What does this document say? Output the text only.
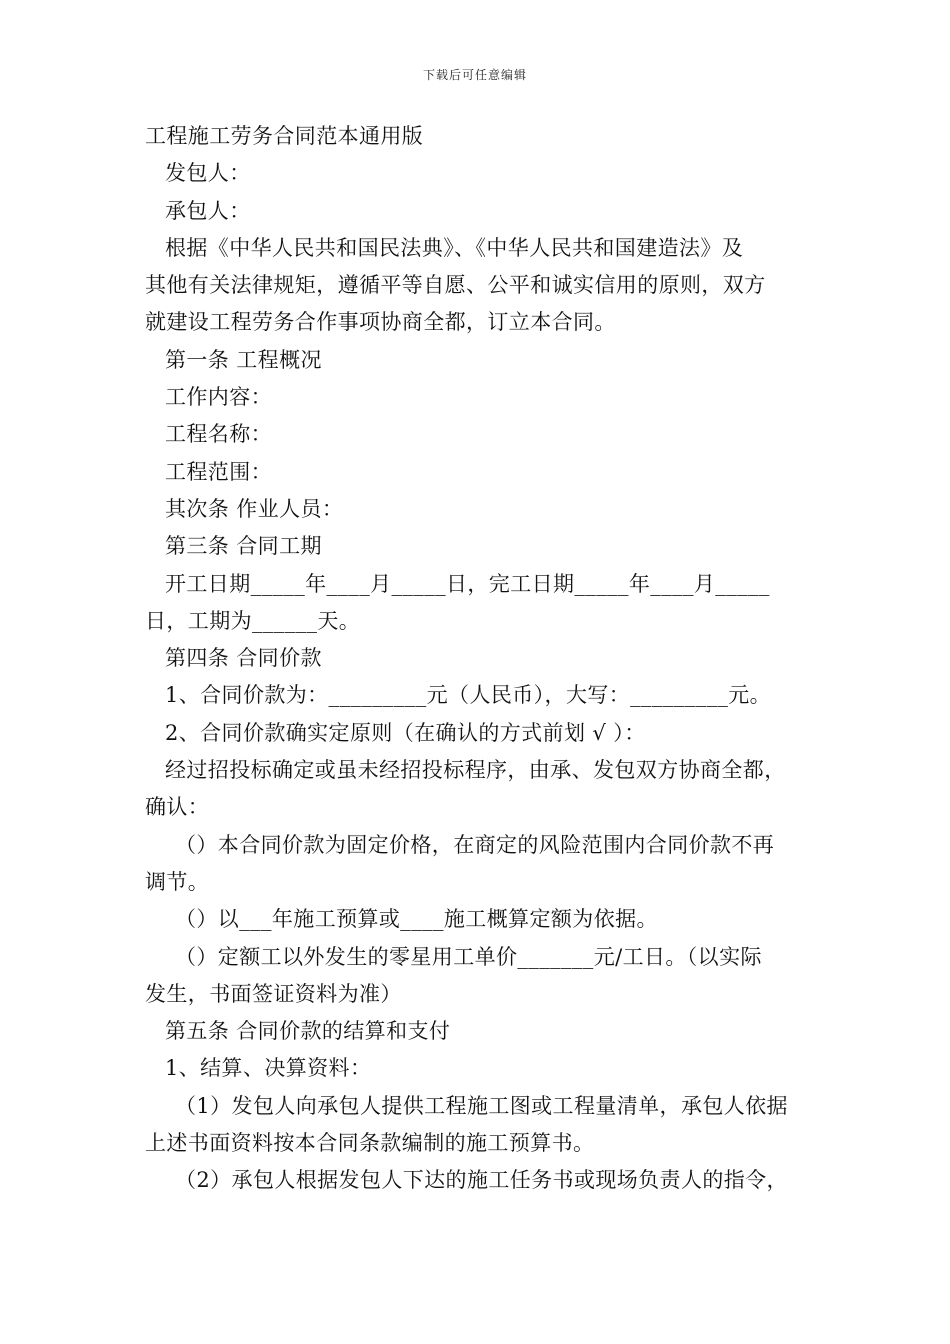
下载后可任意编辑
工程施工劳务合同范本通用版
发包人：
承包人：
根据《中华人民共和国民法典》、《中华人民共和国建造法》及
其他有关法律规矩，遵循平等自愿、公平和诚实信用的原则，双方
就建设工程劳务合作事项协商全都，订立本合同。
第一条 工程概况
工作内容：
工程名称：
工程范围：
其次条 作业人员：
第三条 合同工期
开工日期_____年____月_____日，完工日期_____年____月_____
日，工期为______天。
第四条 合同价款
1、合同价款为：_________元（人民币），大写：_________元。
2、合同价款确实定原则（在确认的方式前划 √ ）：
经过招投标确定或虽未经招投标程序，由承、发包双方协商全都，
确认：
（）本合同价款为固定价格，在商定的风险范围内合同价款不再
调节。
（）以___年施工预算或____施工概算定额为依据。
（）定额工以外发生的零星用工单价_______元/工日。（以实际
发生，书面签证资料为准）
第五条 合同价款的结算和支付
1、结算、决算资料：
（1）发包人向承包人提供工程施工图或工程量清单，承包人依据
上述书面资料按本合同条款编制的施工预算书。
（2）承包人根据发包人下达的施工任务书或现场负责人的指令，
